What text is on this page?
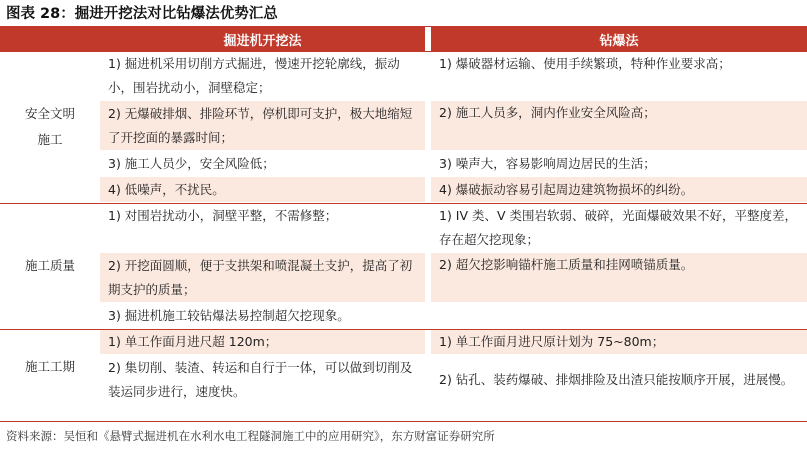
图表 28：掘进开挖法对比钻爆法优势汇总
	掘进机开挖法		钻爆法

安全文明
施工	1) 掘进机采用切削方式掘进，慢速开挖轮廓线，振动小，围岩扰动小，洞壁稳定；		1) 爆破器材运输、使用手续繁琐，特种作业要求高；
	2) 无爆破排烟、排险环节，停机即可支护，极大地缩短了开挖面的暴露时间；		2) 施工人员多，洞内作业安全风险高；
	3) 施工人员少，安全风险低；		3) 噪声大，容易影响周边居民的生活；
	4) 低噪声，不扰民。		4) 爆破振动容易引起周边建筑物损坏的纠纷。
施工质量	1) 对围岩扰动小，洞壁平整，不需修整；		1) IV 类、V 类围岩软弱、破碎，光面爆破效果不好，平整度差，存在超欠挖现象；
	2) 开挖面圆顺，便于支拱架和喷混凝土支护，提高了初期支护的质量；		2) 超欠挖影响锚杆施工质量和挂网喷锚质量。
	3) 掘进机施工较钻爆法易控制超欠挖现象。		
施工工期	1) 单工作面月进尺超 120m；		1) 单工作面月进尺原计划为 75~80m；
	2) 集切削、装渣、转运和自行于一体，可以做到切削及装运同步进行，速度快。		2) 钻孔、装药爆破、排烟排险及出渣只能按顺序开展，进展慢。
资料来源：吴恒和《悬臂式掘进机在水利水电工程隧洞施工中的应用研究》，东方财富证券研究所
